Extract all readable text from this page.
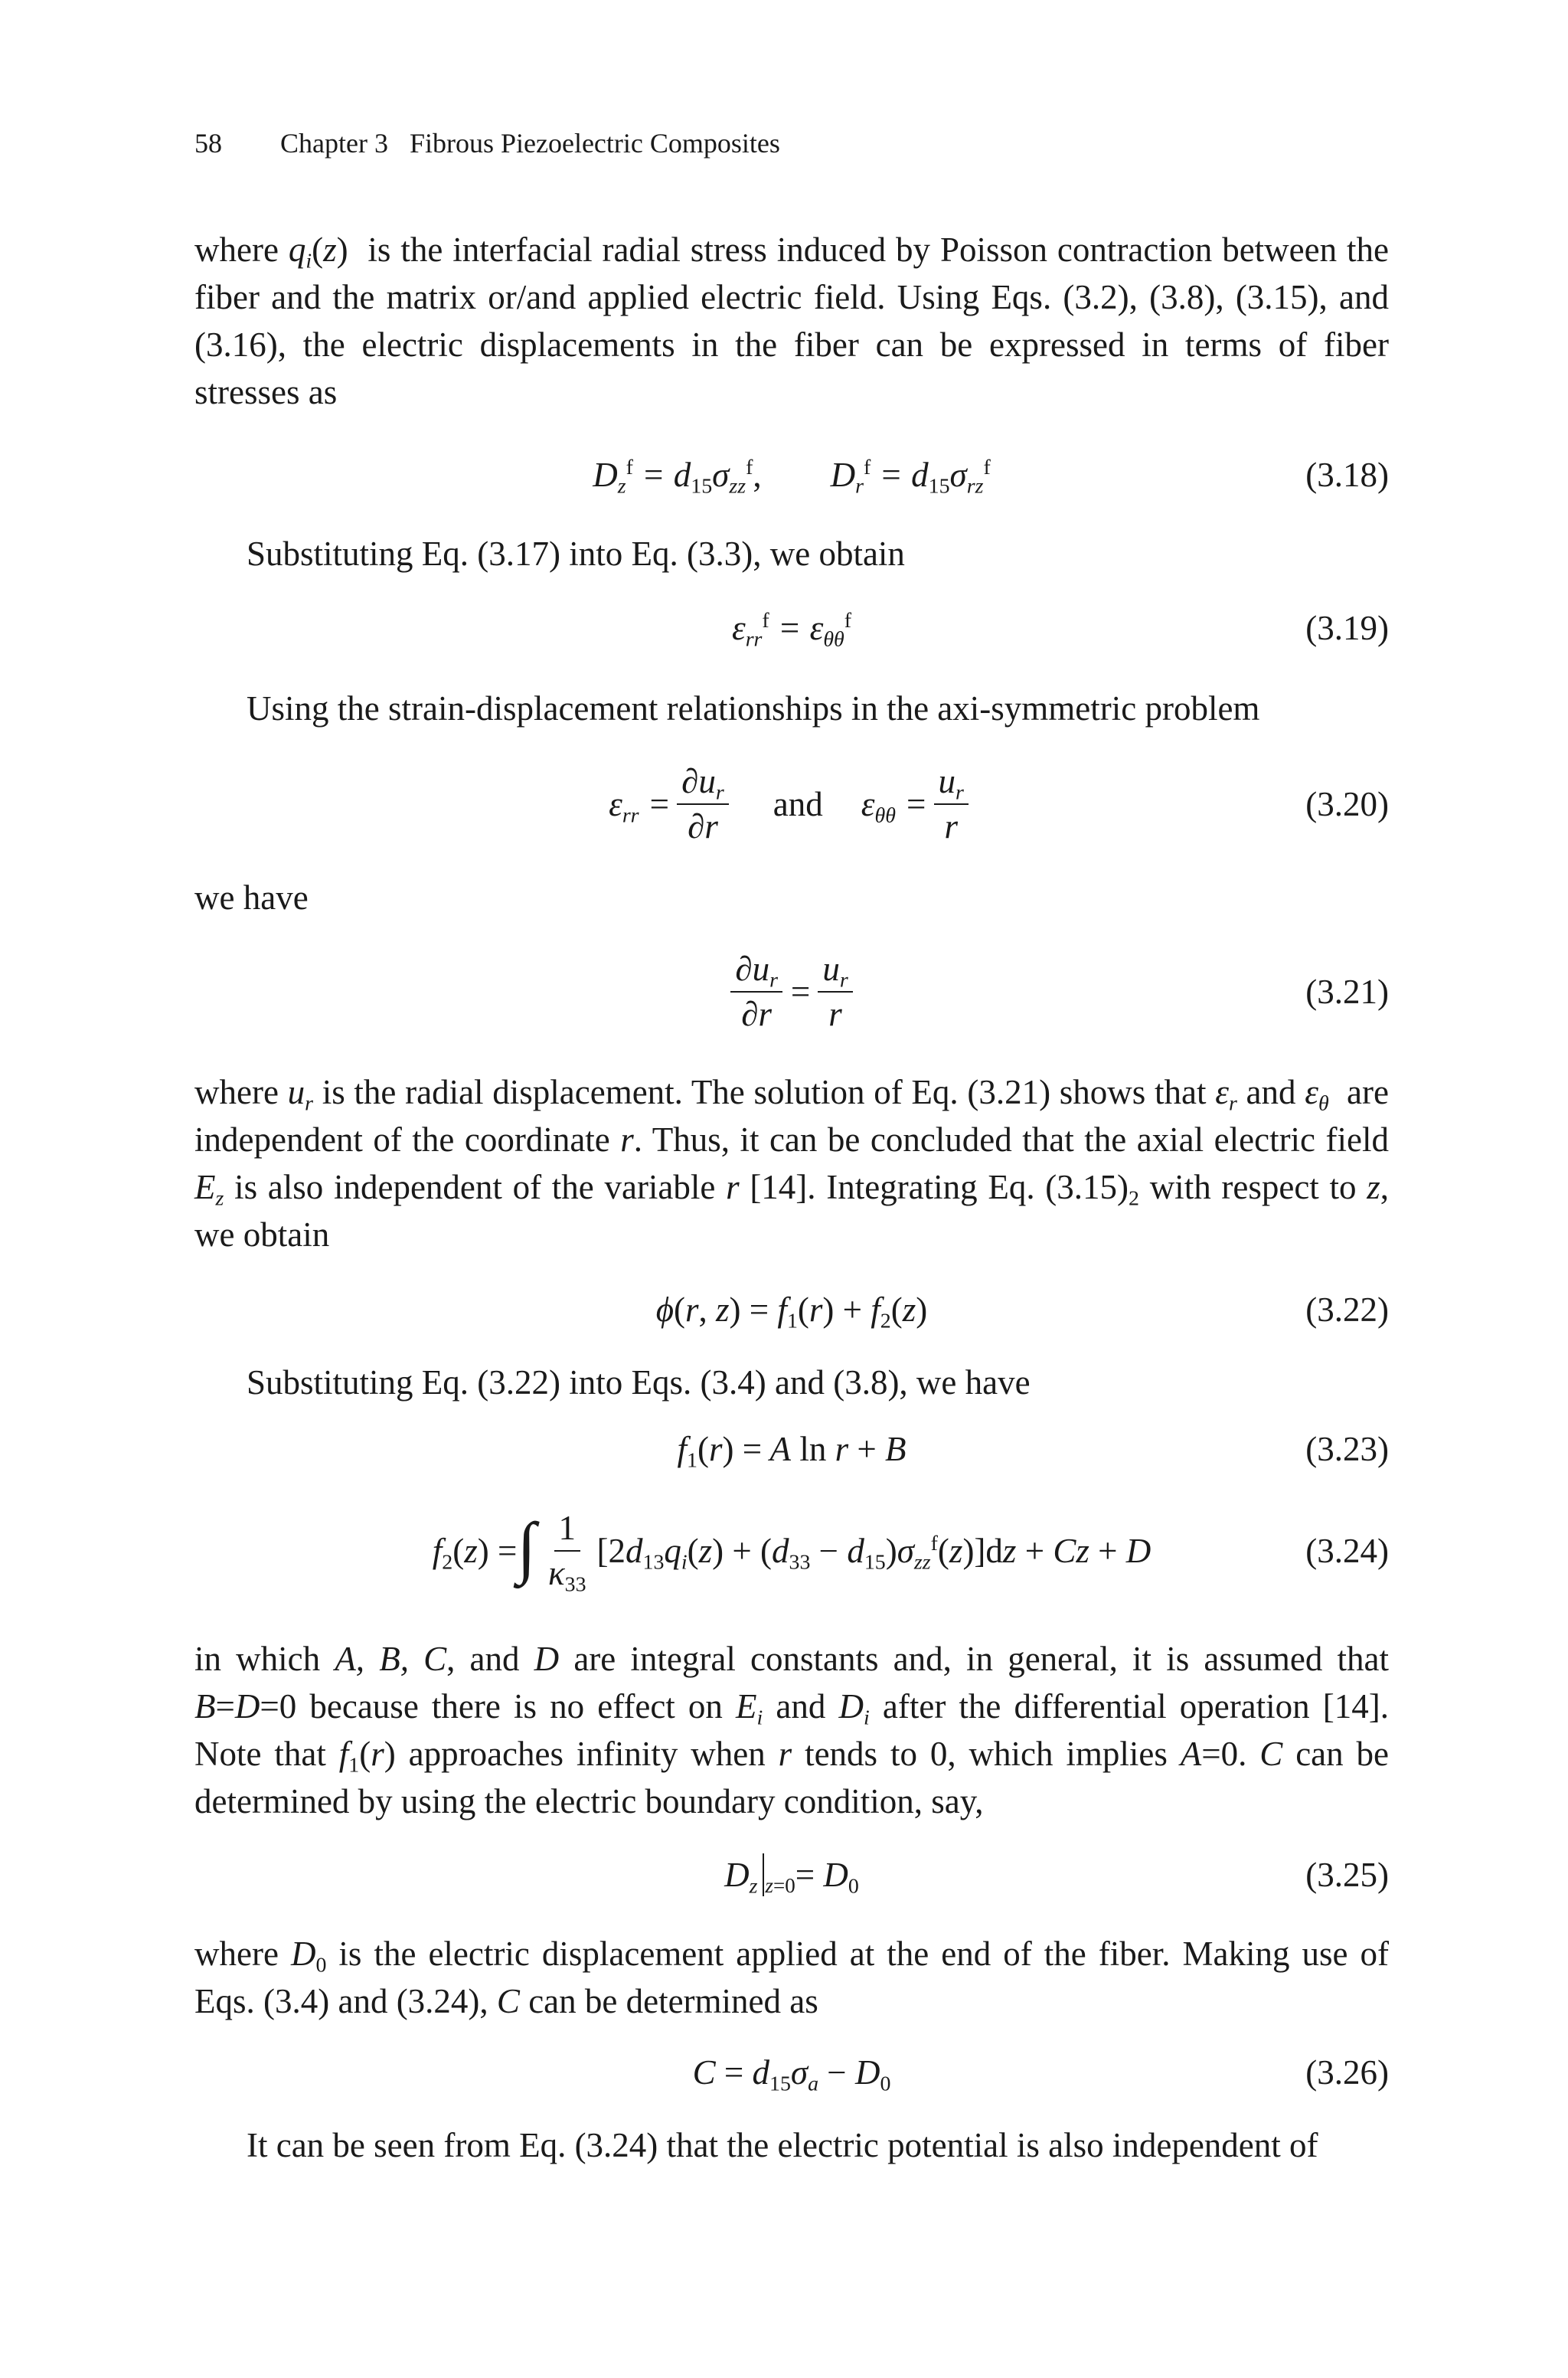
58 Chapter 3 Fibrous Piezoelectric Composites

where $q_i(z)$  is the interfacial radial stress induced by Poisson contraction between the fiber and the matrix or/and applied electric field. Using Eqs. (3.2), (3.8), (3.15), and (3.16), the electric displacements in the fiber can be expressed in terms of fiber stresses as

$D_z^f = d_{15}\sigma_{zz}^f$, $D_r^f = d_{15}\sigma_{rz}^f$	(3.18)

Substituting Eq. (3.17) into Eq. (3.3), we obtain

$\varepsilon_{rr}^f = \varepsilon_{\theta\theta}^f$	(3.19)

Using the strain-displacement relationships in the axi-symmetric problem

$\varepsilon_{rr} = \frac{\partial u_r}{\partial r}$ and $\varepsilon_{\theta\theta} = \frac{u_r}{r}$	(3.20)

we have

$\frac{\partial u_r}{\partial r} = \frac{u_r}{r}$	(3.21)

where $u_r$ is the radial displacement. The solution of Eq. (3.21) shows that $\varepsilon_r$ and $\varepsilon_\theta$  are independent of the coordinate r. Thus, it can be concluded that the axial electric field $E_z$ is also independent of the variable r [14]. Integrating Eq. $(3.15)_2$ with respect to z, we obtain

ϕ(r, $z) = f_1(r) + f_2(z)$	(3.22)

Substituting Eq. (3.22) into Eqs. (3.4) and (3.8), we have

$f_1(r) = A$ ln r + B	(3.23)
$f_2(z)$ = ∫ $\frac{1}{\kappa_{33}} [2d_{13}q_i(z) + (d_{33} - d_{15})\sigma_{zz}^f(z)]dz + Cz + D$	(3.24)

in which A, B, C, and D are integral constants and, in general, it is assumed that B=D=0 because there is no effect on $E_i$ and $D_i$ after the differential operation [14]. Note that $f_1(r)$ approaches infinity when r tends to 0, which implies A=0. C can be determined by using the electric boundary condition, say,

$D_z$ $z=0 = D_0$	(3.25)

where $D_0$ is the electric displacement applied at the end of the fiber. Making use of Eqs. (3.4) and (3.24), C can be determined as

$C = d_{15}\sigma_a - D_0$	(3.26)

It can be seen from Eq. (3.24) that the electric potential is also independent of
